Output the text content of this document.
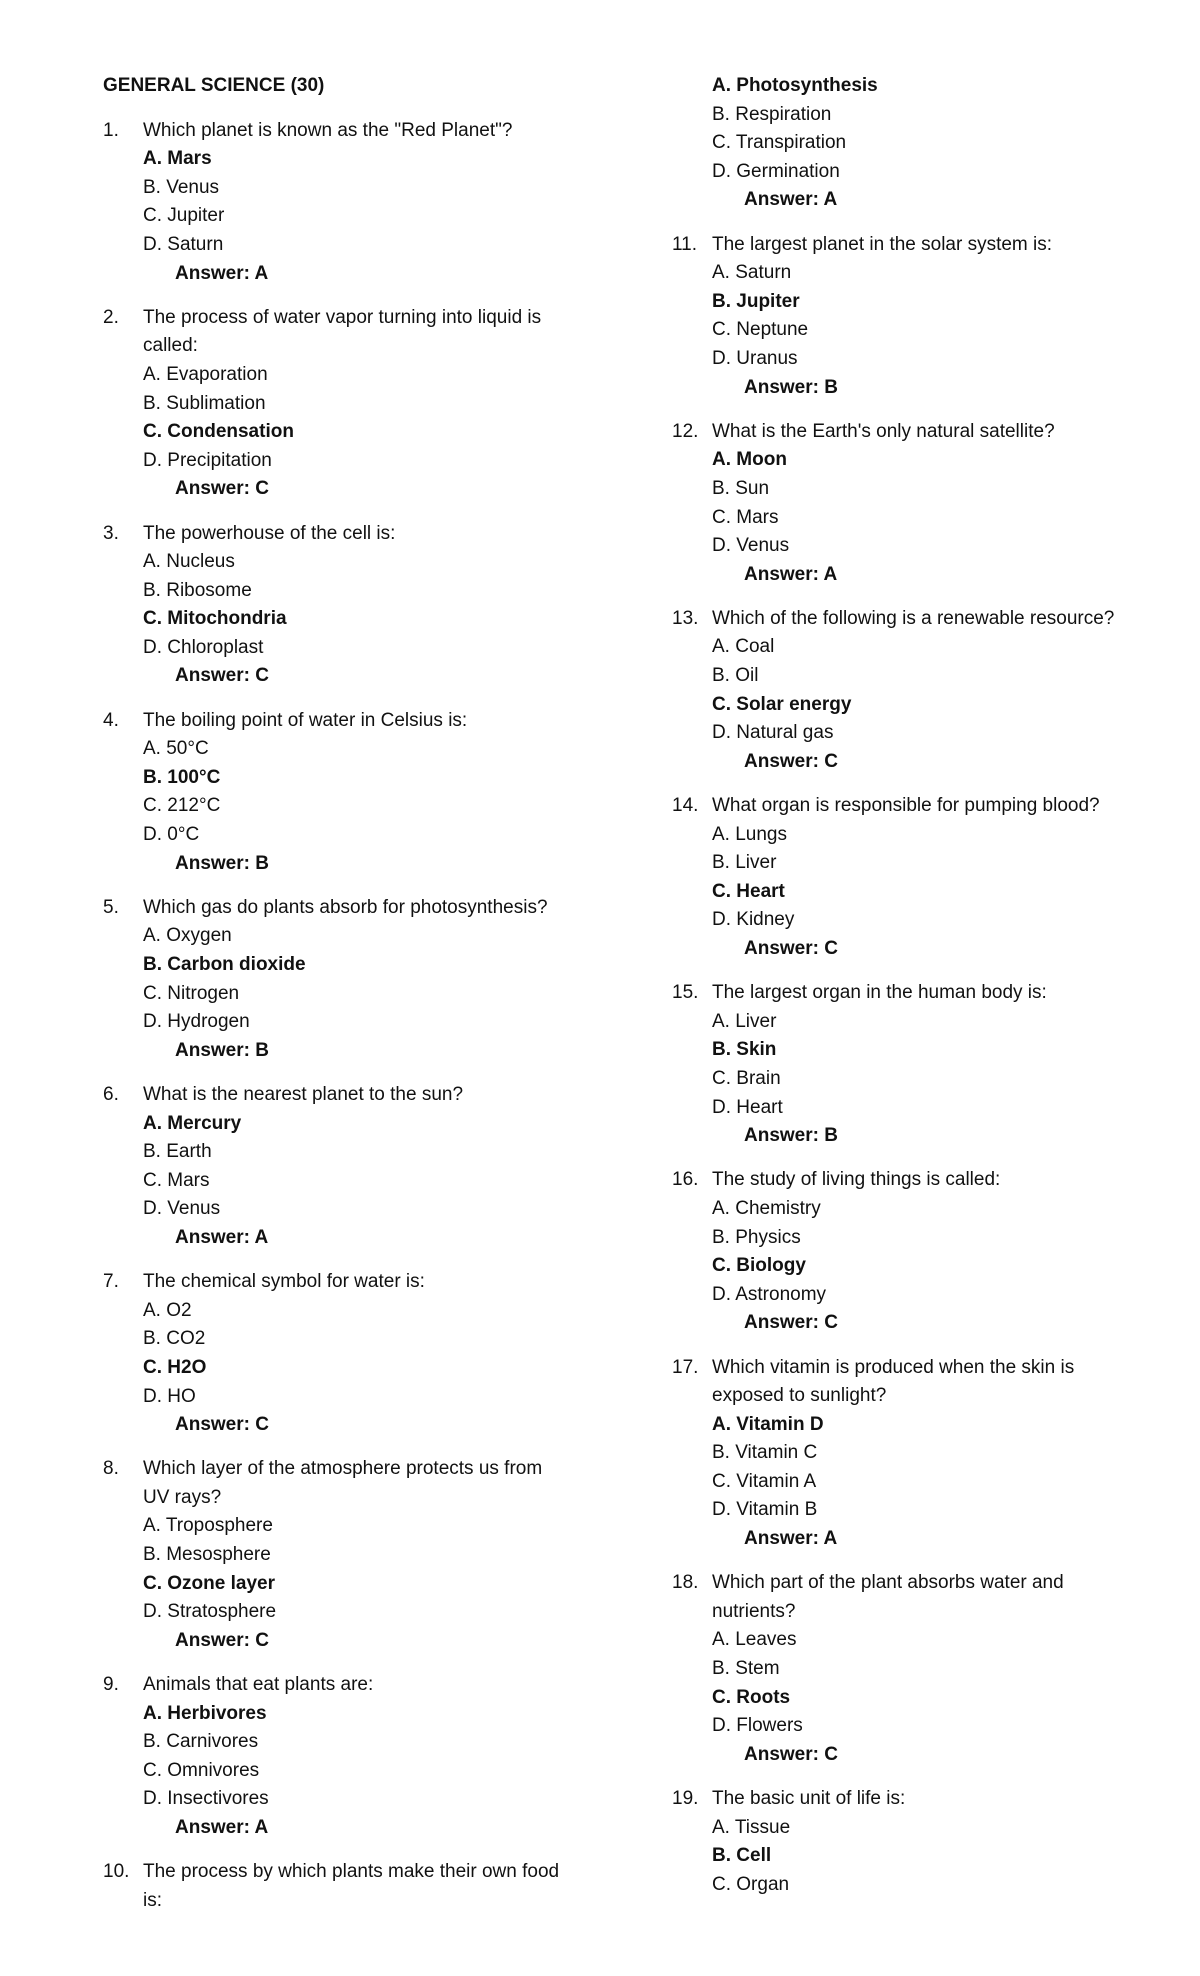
GENERAL SCIENCE (30)
1.	Which planet is known as the "Red Planet"?
A. Mars
B. Venus
C. Jupiter
D. Saturn
Answer: A
2.	The process of water vapor turning into liquid is called:
A. Evaporation
B. Sublimation
C. Condensation
D. Precipitation
Answer: C
3.	The powerhouse of the cell is:
A. Nucleus
B. Ribosome
C. Mitochondria
D. Chloroplast
Answer: C
4.	The boiling point of water in Celsius is:
A. 50°C
B. 100°C
C. 212°C
D. 0°C
Answer: B
5.	Which gas do plants absorb for photosynthesis?
A. Oxygen
B. Carbon dioxide
C. Nitrogen
D. Hydrogen
Answer: B
6.	What is the nearest planet to the sun?
A. Mercury
B. Earth
C. Mars
D. Venus
Answer: A
7.	The chemical symbol for water is:
A. O2
B. CO2
C. H2O
D. HO
Answer: C
8.	Which layer of the atmosphere protects us from UV rays?
A. Troposphere
B. Mesosphere
C. Ozone layer
D. Stratosphere
Answer: C
9.	Animals that eat plants are:
A. Herbivores
B. Carnivores
C. Omnivores
D. Insectivores
Answer: A
10. The process by which plants make their own food is:
A. Photosynthesis
B. Respiration
C. Transpiration
D. Germination
Answer: A
11. The largest planet in the solar system is:
A. Saturn
B. Jupiter
C. Neptune
D. Uranus
Answer: B
12. What is the Earth's only natural satellite?
A. Moon
B. Sun
C. Mars
D. Venus
Answer: A
13. Which of the following is a renewable resource?
A. Coal
B. Oil
C. Solar energy
D. Natural gas
Answer: C
14. What organ is responsible for pumping blood?
A. Lungs
B. Liver
C. Heart
D. Kidney
Answer: C
15. The largest organ in the human body is:
A. Liver
B. Skin
C. Brain
D. Heart
Answer: B
16. The study of living things is called:
A. Chemistry
B. Physics
C. Biology
D. Astronomy
Answer: C
17. Which vitamin is produced when the skin is exposed to sunlight?
A. Vitamin D
B. Vitamin C
C. Vitamin A
D. Vitamin B
Answer: A
18. Which part of the plant absorbs water and nutrients?
A. Leaves
B. Stem
C. Roots
D. Flowers
Answer: C
19. The basic unit of life is:
A. Tissue
B. Cell
C. Organ
